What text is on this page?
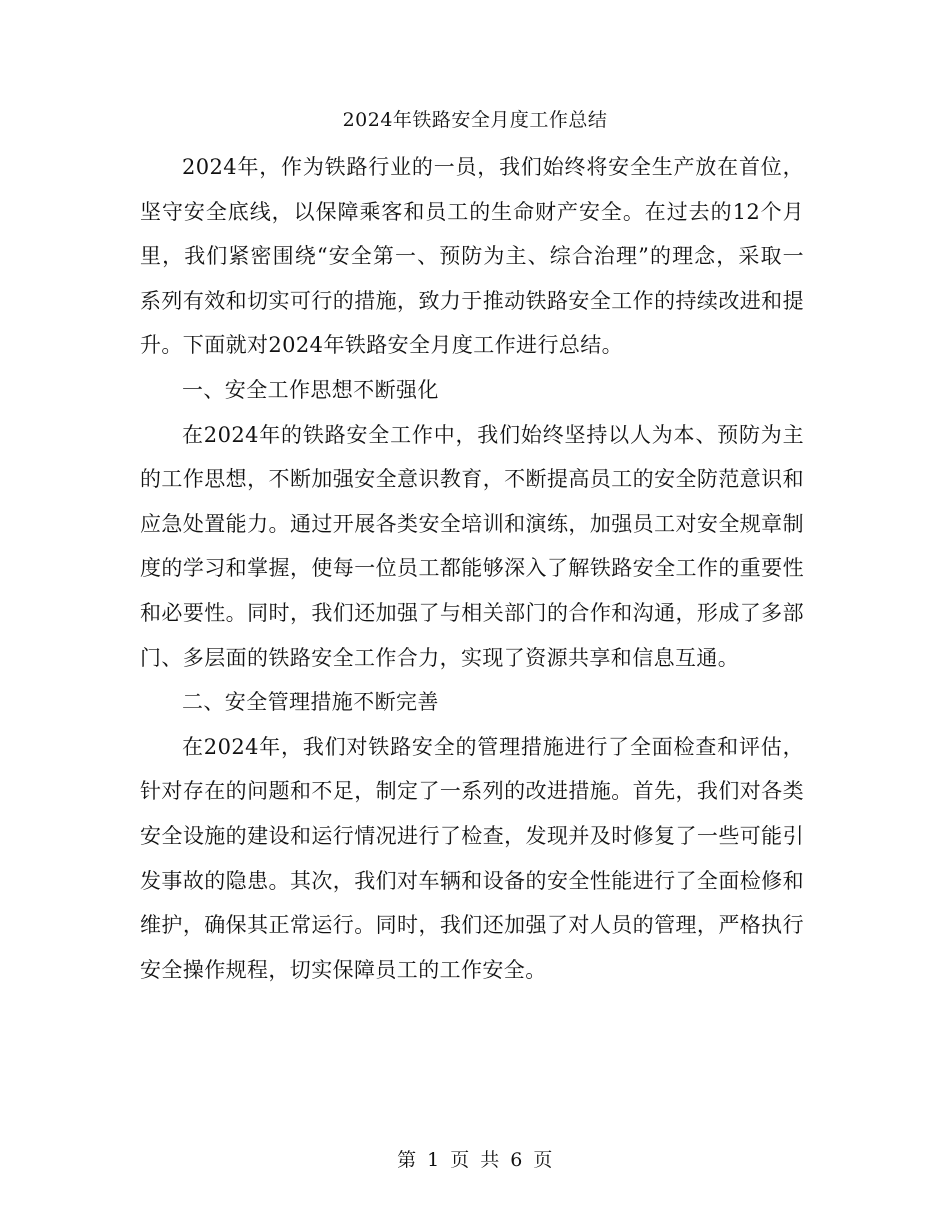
2024年铁路安全月度工作总结

2024年，作为铁路行业的一员，我们始终将安全生产放在首位，坚守安全底线，以保障乘客和员工的生命财产安全。在过去的12个月里，我们紧密围绕“安全第一、预防为主、综合治理”的理念，采取一系列有效和切实可行的措施，致力于推动铁路安全工作的持续改进和提升。下面就对2024年铁路安全月度工作进行总结。

一、安全工作思想不断强化

在2024年的铁路安全工作中，我们始终坚持以人为本、预防为主的工作思想，不断加强安全意识教育，不断提高员工的安全防范意识和应急处置能力。通过开展各类安全培训和演练，加强员工对安全规章制度的学习和掌握，使每一位员工都能够深入了解铁路安全工作的重要性和必要性。同时，我们还加强了与相关部门的合作和沟通，形成了多部门、多层面的铁路安全工作合力，实现了资源共享和信息互通。

二、安全管理措施不断完善

在2024年，我们对铁路安全的管理措施进行了全面检查和评估，针对存在的问题和不足，制定了一系列的改进措施。首先，我们对各类安全设施的建设和运行情况进行了检查，发现并及时修复了一些可能引发事故的隐患。其次，我们对车辆和设备的安全性能进行了全面检修和维护，确保其正常运行。同时，我们还加强了对人员的管理，严格执行安全操作规程，切实保障员工的工作安全。

第 1 页 共 6 页
